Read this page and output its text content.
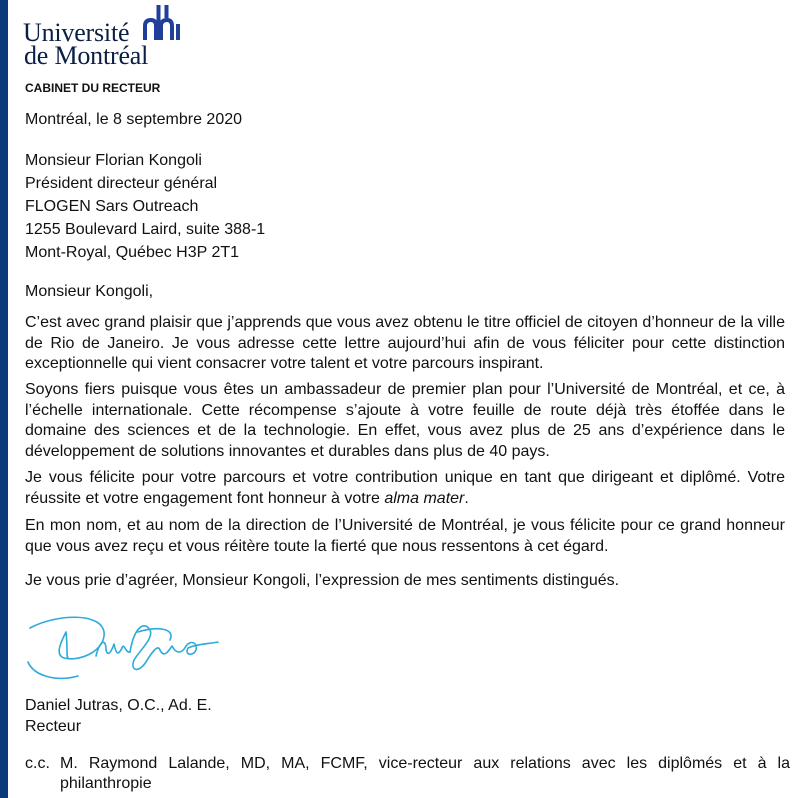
Université
de Montréal
CABINET DU RECTEUR
Montréal, le 8 septembre 2020
Monsieur Florian Kongoli
Président directeur général
FLOGEN Sars Outreach
1255 Boulevard Laird, suite 388-1
Mont-Royal, Québec H3P 2T1
Monsieur Kongoli,
C’est avec grand plaisir que j’apprends que vous avez obtenu le titre officiel de citoyen d’honneur de la ville de Rio de Janeiro. Je vous adresse cette lettre aujourd’hui afin de vous féliciter pour cette distinction exceptionnelle qui vient consacrer votre talent et votre parcours inspirant.
Soyons fiers puisque vous êtes un ambassadeur de premier plan pour l’Université de Montréal, et ce, à l’échelle internationale. Cette récompense s’ajoute à votre feuille de route déjà très étoffée dans le domaine des sciences et de la technologie. En effet, vous avez plus de 25 ans d’expérience dans le développement de solutions innovantes et durables dans plus de 40 pays.
Je vous félicite pour votre parcours et votre contribution unique en tant que dirigeant et diplômé. Votre réussite et votre engagement font honneur à votre alma mater.
En mon nom, et au nom de la direction de l’Université de Montréal, je vous félicite pour ce grand honneur que vous avez reçu et vous réitère toute la fierté que nous ressentons à cet égard.
Je vous prie d’agréer, Monsieur Kongoli, l’expression de mes sentiments distingués.
Daniel Jutras, O.C., Ad. E.
Recteur
c.c. M. Raymond Lalande, MD, MA, FCMF, vice-recteur aux relations avec les diplômés et à la philanthropie
